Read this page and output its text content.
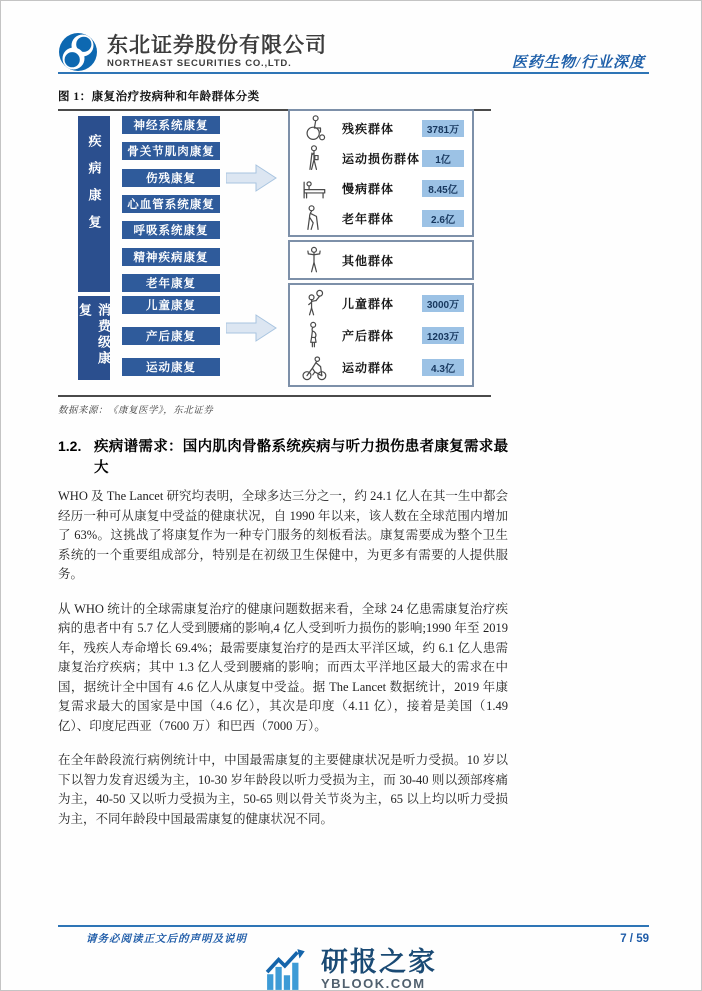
东北证券股份有限公司
NORTHEAST SECURITIES CO.,LTD.	医药生物/行业深度
图 1：康复治疗按病种和年龄群体分类
疾病康复
消费级康复
神经系统康复
骨关节肌肉康复
伤残康复
心血管系统康复
呼吸系统康复
精神疾病康复
老年康复
儿童康复
产后康复
运动康复
残疾群体	3781万
运动损伤群体	1亿
慢病群体	8.45亿
老年群体	2.6亿
其他群体
儿童群体	3000万
产后群体	1203万
运动群体	4.3亿
数据来源：《康复医学》，东北证券
1.2. 疾病谱需求：国内肌肉骨骼系统疾病与听力损伤患者康复需求最大

WHO 及 The Lancet 研究均表明，全球多达三分之一，约 24.1 亿人在其一生中都会经历一种可从康复中受益的健康状况，自 1990 年以来，该人数在全球范围内增加了 63%。这挑战了将康复作为一种专门服务的刻板看法。康复需要成为整个卫生系统的一个重要组成部分，特别是在初级卫生保健中，为更多有需要的人提供服务。

从 WHO 统计的全球需康复治疗的健康问题数据来看，全球 24 亿患需康复治疗疾病的患者中有 5.7 亿人受到腰痛的影响,4 亿人受到听力损伤的影响;1990 年至 2019 年，残疾人寿命增长 69.4%；最需要康复治疗的是西太平洋区域，约 6.1 亿人患需康复治疗疾病；其中 1.3 亿人受到腰痛的影响；而西太平洋地区最大的需求在中国，据统计全中国有 4.6 亿人从康复中受益。据 The Lancet 数据统计，2019 年康复需求最大的国家是中国（4.6 亿），其次是印度（4.11 亿），接着是美国（1.49 亿）、印度尼西亚（7600 万）和巴西（7000 万）。

在全年龄段流行病例统计中，中国最需康复的主要健康状况是听力受损。10 岁以下以智力发育迟缓为主，10-30 岁年龄段以听力受损为主，而 30-40 则以颈部疼痛为主，40-50 又以听力受损为主，50-65 则以骨关节炎为主，65 以上均以听力受损为主，不同年龄段中国最需康复的健康状况不同。

请务必阅读正文后的声明及说明	7 / 59
研报之家
YBLOOK.COM
